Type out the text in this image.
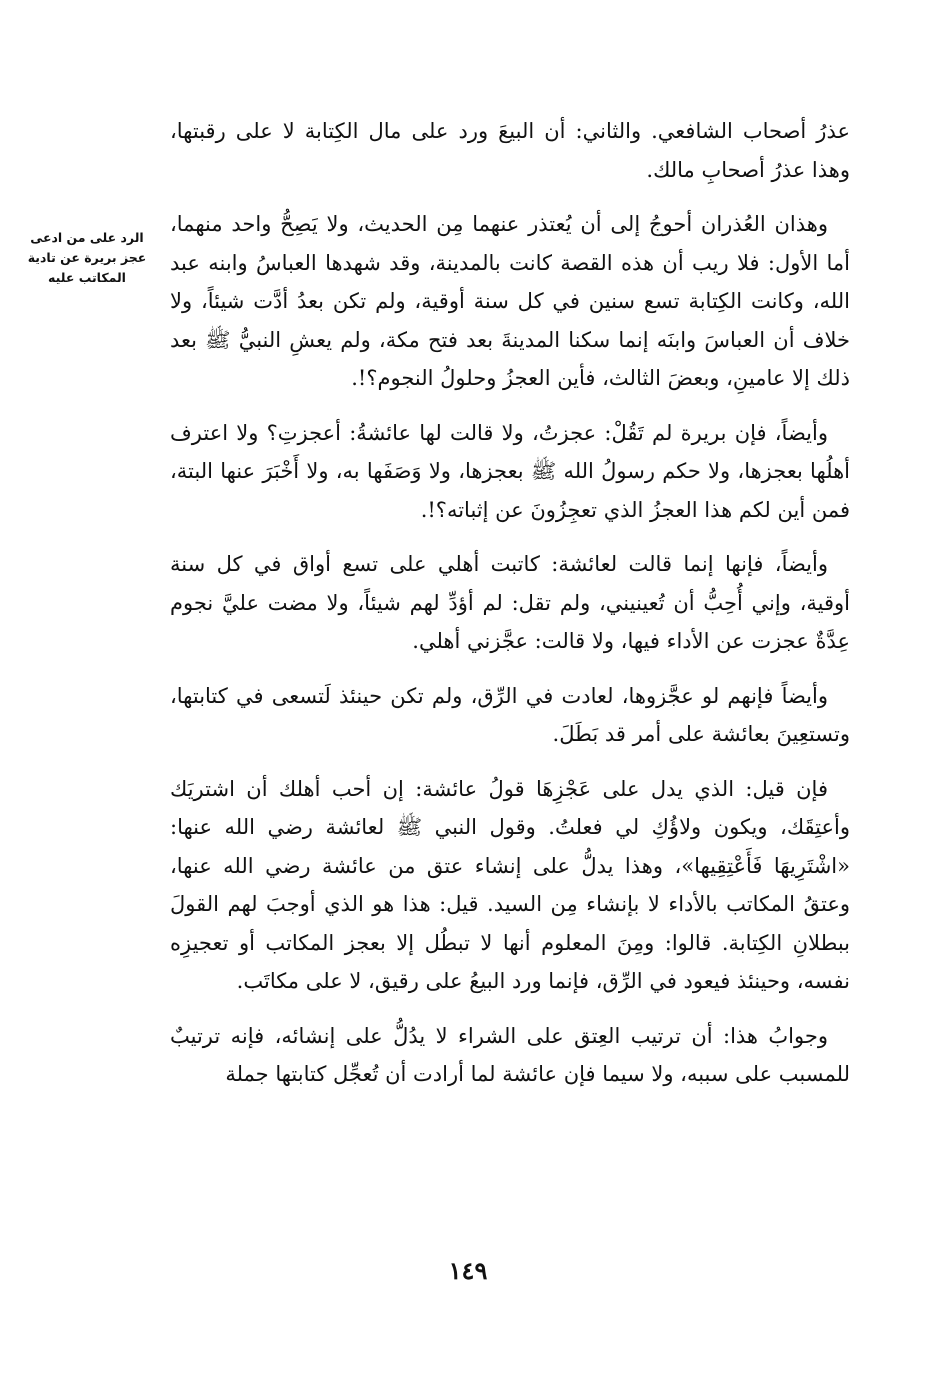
الرد على من ادعى عجز بريرة عن تادية المكاتب عليه

عذرُ أصحاب الشافعي. والثاني: أن البيعَ ورد على مال الكِتابة لا على رقبتها، وهذا عذرُ أصحابِ مالك.

وهذان العُذران أحوجُ إلى أن يُعتذر عنهما مِن الحديث، ولا يَصِحُّ واحد منهما، أما الأول: فلا ريب أن هذه القصة كانت بالمدينة، وقد شهدها العباسُ وابنه عبد الله، وكانت الكِتابة تسع سنين في كل سنة أوقية، ولم تكن بعدُ أدَّت شيئاً، ولا خلاف أن العباسَ وابنَه إنما سكنا المدينةَ بعد فتح مكة، ولم يعشِ النبيُّ ﷺ بعد ذلك إلا عامينِ، وبعضَ الثالث، فأين العجزُ وحلولُ النجوم؟!.

وأيضاً، فإن بريرة لم تَقُلْ: عجزتُ، ولا قالت لها عائشةُ: أعجزتِ؟ ولا اعترف أهلُها بعجزها، ولا حكم رسولُ الله ﷺ بعجزها، ولا وَصَفَها به، ولا أَخْبَرَ عنها البتة، فمن أين لكم هذا العجزُ الذي تعجِزُونَ عن إثباته؟!.

وأيضاً، فإنها إنما قالت لعائشة: كاتبت أهلي على تسع أواق في كل سنة أوقية، وإني أُحِبُّ أن تُعينيني، ولم تقل: لم أؤدِّ لهم شيئاً، ولا مضت عليَّ نجوم عِدَّةٌ عجزت عن الأداء فيها، ولا قالت: عجَّزني أهلي.

وأيضاً فإنهم لو عجَّزوها، لعادت في الرِّق، ولم تكن حينئذ لَتسعى في كتابتها، وتستعِينَ بعائشة على أمر قد بَطَلَ.

فإن قيل: الذي يدل على عَجْزِهَا قولُ عائشة: إن أحب أهلك أن اشتريَك وأعتِقَك، ويكون ولاؤُكِ لي فعلتُ. وقول النبي ﷺ لعائشة رضي الله عنها: «اشْتَرِيهَا فَأَعْتِقِيها»، وهذا يدلُّ على إنشاء عتق من عائشة رضي الله عنها، وعتقُ المكاتب بالأداء لا بإنشاء مِن السيد. قيل: هذا هو الذي أوجبَ لهم القولَ ببطلانِ الكِتابة. قالوا: ومِنَ المعلوم أنها لا تبطُل إلا بعجز المكاتب أو تعجيزِه نفسه، وحينئذ فيعود في الرِّق، فإنما ورد البيعُ على رقيق، لا على مكاتَب.

وجوابُ هذا: أن ترتيب العِتق على الشراء لا يدُلُّ على إنشائه، فإنه ترتيبٌ للمسبب على سببه، ولا سيما فإن عائشة لما أرادت أن تُعجِّل كتابتها جملة

١٤٩
